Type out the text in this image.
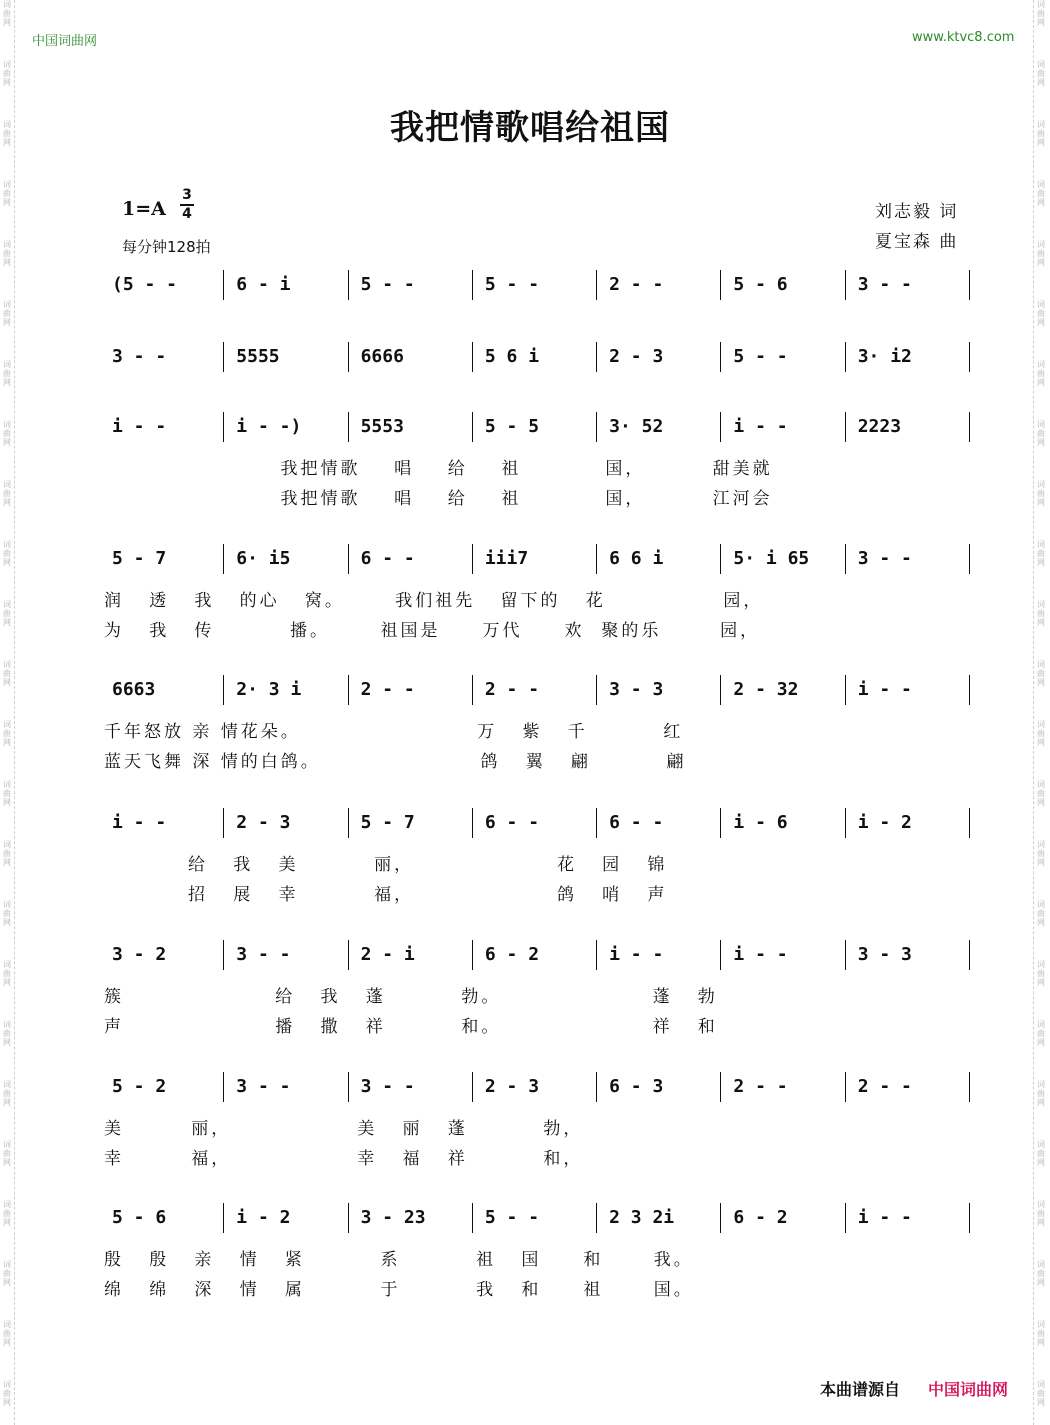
词曲网
词曲网
词曲网
词曲网
词曲网
词曲网
词曲网
词曲网
词曲网
词曲网
词曲网
词曲网
词曲网
词曲网
词曲网
词曲网
词曲网
词曲网
词曲网
词曲网
词曲网
词曲网
词曲网
词曲网
词曲网
词曲网
词曲网
词曲网
词曲网
词曲网
词曲网
词曲网
词曲网
词曲网
词曲网
词曲网
词曲网
词曲网
词曲网
词曲网
词曲网
词曲网
词曲网
词曲网
词曲网
词曲网
词曲网
词曲网
中国词曲网	www.ktvc8.com
我把情歌唱给祖国
1=A
3
4
每分钟128拍
刘志毅 词
夏宝森 曲
(5 - -	6 - i	5 - -	5 - -	2 - -	5 - 6	3 - -
3 - -	5555	6666	5 6 i	2 - 3	5 - -	3· i2
i - -	i - -)	5553	5 - 5	3· 52	i - -	2223
我把情歌    唱    给    祖          国，        甜美就
我把情歌    唱    给    祖          国，        江河会
5 - 7	6· i5	6 - -	iii7	6 6 i	5· i 65	3 - -
润   透   我   的心   窝。      我们祖先   留下的   花              园，
为   我   传         播。      祖国是     万代     欢  聚的乐       园，
6663	2· 3 i	2 - -	2 - -	3 - 3	2 - 32	i - -
千年怒放 亲 情花朵。                     万   紫   千         红
蓝天飞舞 深 情的白鸽。                   鸽   翼   翩         翩
i - -	2 - 3	5 - 7	6 - -	6 - -	i - 6	i - 2
给   我   美         丽，                 花   园   锦
招   展   幸         福，                 鸽   哨   声
3 - 2	3 - -	2 - i	6 - 2	i - -	i - -	3 - 3
簇                  给   我   蓬         勃。                  蓬   勃
声                  播   撒   祥         和。                  祥   和
5 - 2	3 - -	3 - -	2 - 3	6 - 3	2 - -	2 - -
美        丽，               美   丽   蓬         勃，
幸        福，               幸   福   祥         和，
5 - 6	i - 2	3 - 23	5 - -	2 3 2i	6 - 2	i - -
殷   殷   亲   情   紧         系         祖   国     和      我。
绵   绵   深   情   属         于         我   和     祖      国。
本曲谱源自 中国词曲网
